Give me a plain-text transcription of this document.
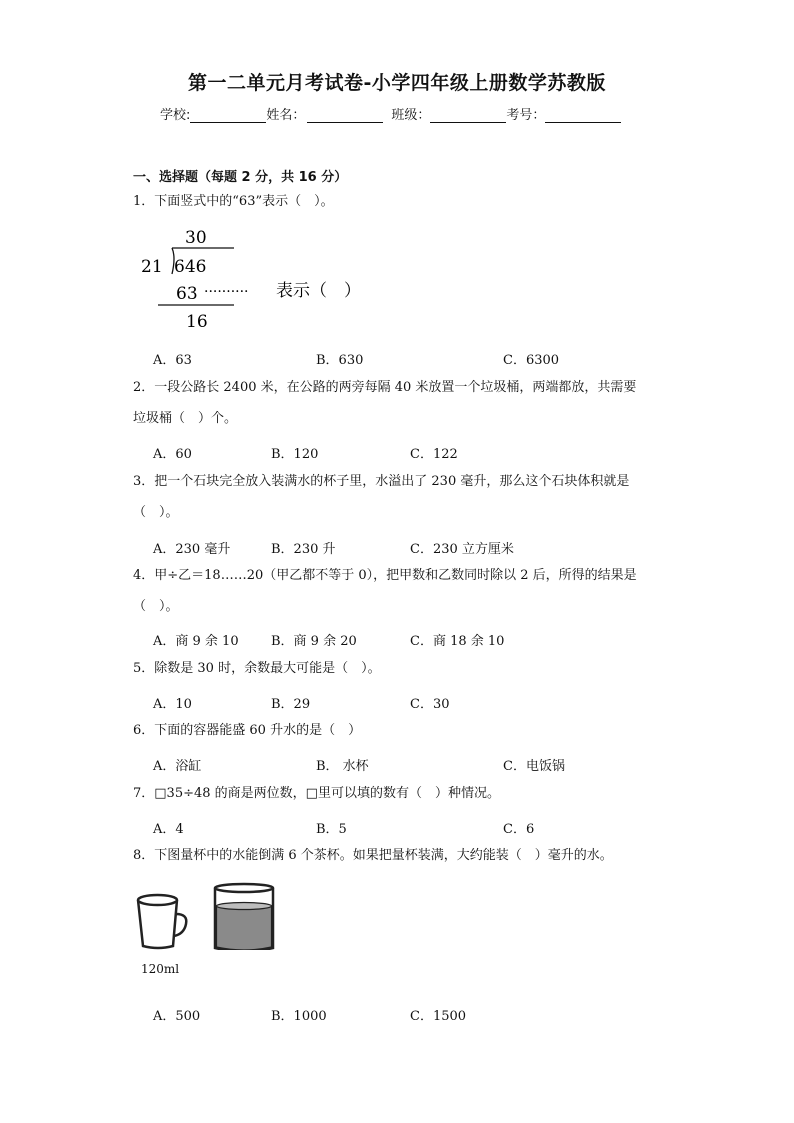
第一二单元月考试卷-小学四年级上册数学苏教版
学校:	姓名：	班级：	考号：
一、选择题（每题 2 分，共 16 分）
1．下面竖式中的“63”表示（　）。
30
21 646
63 ·········· 表示（　）
16
A．63	B．630	C．6300
2．一段公路长 2400 米，在公路的两旁每隔 40 米放置一个垃圾桶，两端都放，共需要
垃圾桶（　）个。
A．60	B．120	C．122
3．把一个石块完全放入装满水的杯子里，水溢出了 230 毫升，那么这个石块体积就是
（　）。
A．230 毫升	B．230 升	C．230 立方厘米
4．甲÷乙＝18……20（甲乙都不等于 0），把甲数和乙数同时除以 2 后，所得的结果是
（　）。
A．商 9 余 10 B．商 9 余 20	C．商 18 余 10
5．除数是 30 时，余数最大可能是（　）。
A．10	B．29	C．30
6．下面的容器能盛 60 升水的是（　）
A．浴缸	B． 水杯	C．电饭锅
7．□35÷48 的商是两位数，□里可以填的数有（　）种情况。
A．4	B．5	C．6
8．下图量杯中的水能倒满 6 个茶杯。如果把量杯装满，大约能装（　）毫升的水。
120ml
A．500	B．1000	C．1500
